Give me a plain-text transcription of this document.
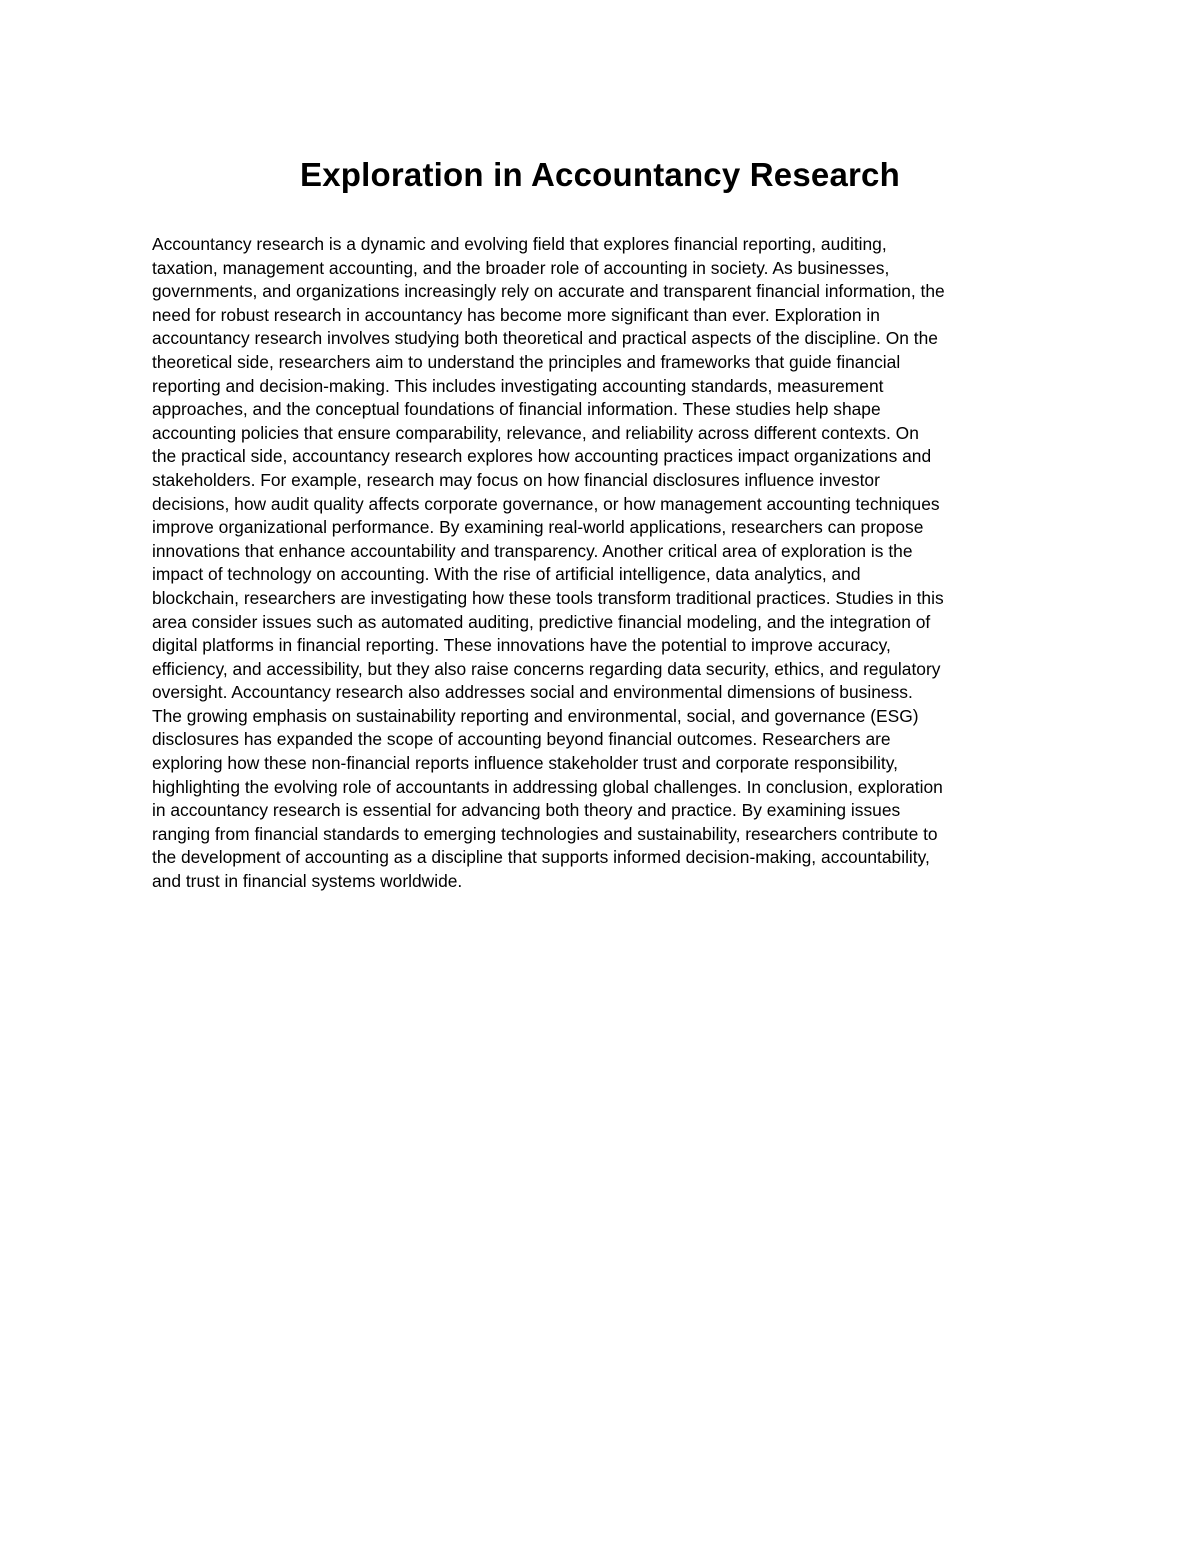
Exploration in Accountancy Research
Accountancy research is a dynamic and evolving field that explores financial reporting, auditing,
taxation, management accounting, and the broader role of accounting in society. As businesses,
governments, and organizations increasingly rely on accurate and transparent financial information, the
need for robust research in accountancy has become more significant than ever. Exploration in
accountancy research involves studying both theoretical and practical aspects of the discipline. On the
theoretical side, researchers aim to understand the principles and frameworks that guide financial
reporting and decision-making. This includes investigating accounting standards, measurement
approaches, and the conceptual foundations of financial information. These studies help shape
accounting policies that ensure comparability, relevance, and reliability across different contexts. On
the practical side, accountancy research explores how accounting practices impact organizations and
stakeholders. For example, research may focus on how financial disclosures influence investor
decisions, how audit quality affects corporate governance, or how management accounting techniques
improve organizational performance. By examining real-world applications, researchers can propose
innovations that enhance accountability and transparency. Another critical area of exploration is the
impact of technology on accounting. With the rise of artificial intelligence, data analytics, and
blockchain, researchers are investigating how these tools transform traditional practices. Studies in this
area consider issues such as automated auditing, predictive financial modeling, and the integration of
digital platforms in financial reporting. These innovations have the potential to improve accuracy,
efficiency, and accessibility, but they also raise concerns regarding data security, ethics, and regulatory
oversight. Accountancy research also addresses social and environmental dimensions of business.
The growing emphasis on sustainability reporting and environmental, social, and governance (ESG)
disclosures has expanded the scope of accounting beyond financial outcomes. Researchers are
exploring how these non-financial reports influence stakeholder trust and corporate responsibility,
highlighting the evolving role of accountants in addressing global challenges. In conclusion, exploration
in accountancy research is essential for advancing both theory and practice. By examining issues
ranging from financial standards to emerging technologies and sustainability, researchers contribute to
the development of accounting as a discipline that supports informed decision-making, accountability,
and trust in financial systems worldwide.
